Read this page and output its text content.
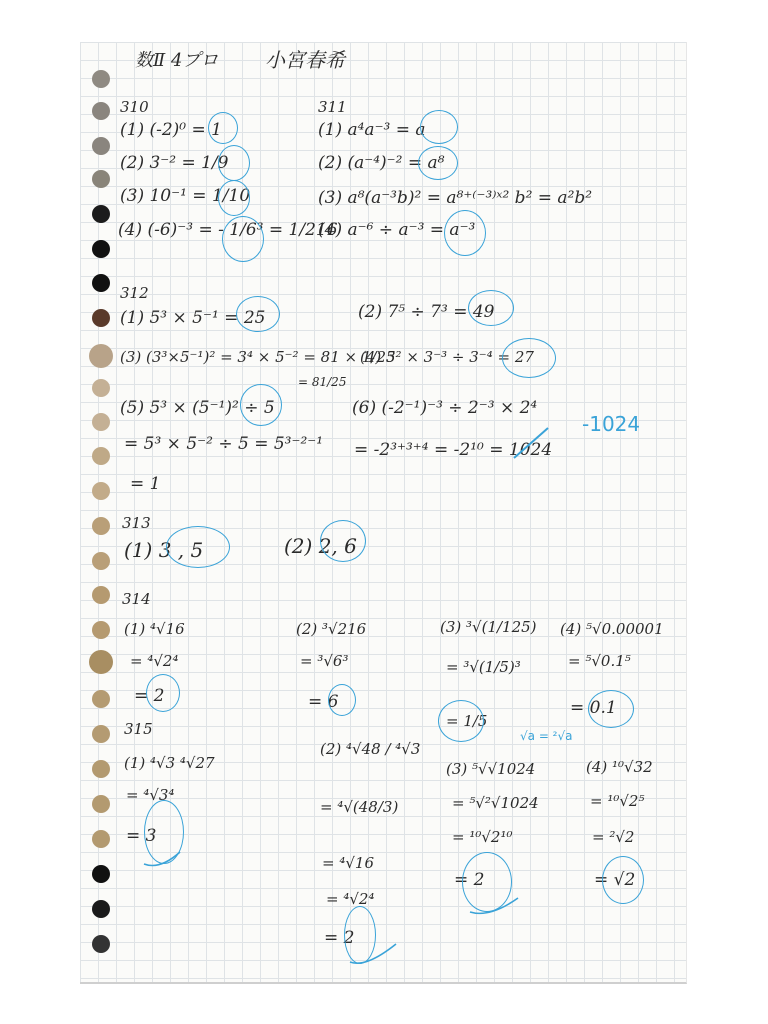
数Ⅱ 4プロ 小宮春希
310
(1) (-2)⁰ = 1
(2) 3⁻² = 1/9
(3) 10⁻¹ = 1/10
(4) (-6)⁻³ = - 1/6³ = 1/216
311
(1) a⁴a⁻³ = a
(2) (a⁻⁴)⁻² = a⁸
(3) a⁸(a⁻³b)² = a⁸⁺⁽⁻³⁾ˣ² b² = a²b²
(4) a⁻⁶ ÷ a⁻³ = a⁻³
312
(1) 5³ × 5⁻¹ = 25	(2) 7⁵ ÷ 7³ = 49
(3) (3³×5⁻¹)² = 3⁴ × 5⁻² = 81 × 1/25
= 81/25
(4) 3² × 3⁻³ ÷ 3⁻⁴ = 27
(5) 5³ × (5⁻¹)² ÷ 5
= 5³ × 5⁻² ÷ 5 = 5³⁻²⁻¹
= 1
(6) (-2⁻¹)⁻³ ÷ 2⁻³ × 2⁴
= -2³⁺³⁺⁴ = -2¹⁰ = 1024
-1024
313
(1) 3 , 5	(2) 2, 6
314
(1) ⁴√16
= ⁴√2⁴
= 2
(2) ³√216
= ³√6³
= 6
(3) ³√(1/125)
= ³√(1/5)³
= 1/5
(4) ⁵√0.00001
= ⁵√0.1⁵
= 0.1
315	√a = ²√a
(1) ⁴√3 ⁴√27
= ⁴√3⁴
= 3
(2) ⁴√48 / ⁴√3
= ⁴√(48/3)
= ⁴√16
= ⁴√2⁴
= 2
(3) ⁵√√1024
= ⁵√²√1024
= ¹⁰√2¹⁰
= 2
(4) ¹⁰√32
= ¹⁰√2⁵
= ²√2
= √2
